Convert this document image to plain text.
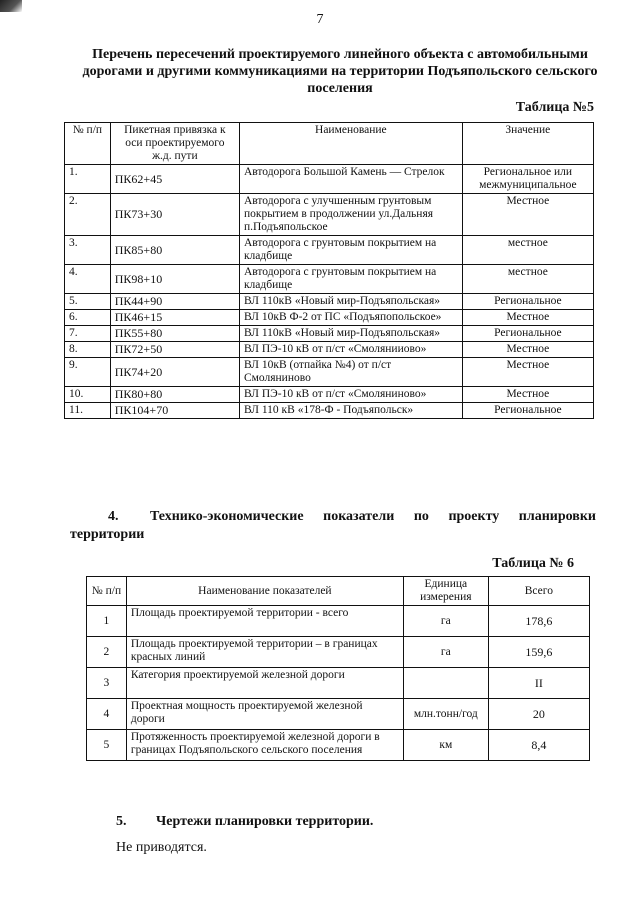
7
Перечень пересечений проектируемого линейного объекта с автомобильными дорогами и другими коммуникациями на территории Подъяпольского сельского поселения
Таблица №5
№ п/п	Пикетная привязка к оси проектируемого ж.д. пути	Наименование	Значение
1.	ПК62+45	Автодорога Большой Камень — Стрелок	Региональное или межмуниципальное
2.	ПК73+30	Автодорога с улучшенным грунтовым покрытием в продолжении ул.Дальняя п.Подъяпольское	Местное
3.	ПК85+80	Автодорога с грунтовым покрытием на кладбище	местное
4.	ПК98+10	Автодорога с грунтовым покрытием на кладбище	местное
5.	ПК44+90	ВЛ 110кВ «Новый мир-Подъяпольская»	Региональное
6.	ПК46+15	ВЛ 10кВ Ф-2 от ПС «Подъяпопольское»	Местное
7.	ПК55+80	ВЛ 110кВ «Новый мир-Подъяпольская»	Региональное
8.	ПК72+50	ВЛ ПЭ-10 кВ от п/ст «Смолянииово»	Местное
9.	ПК74+20	ВЛ 10кВ (отпайка №4) от п/ст Смоляниново	Местное
10.	ПК80+80	ВЛ ПЭ-10 кВ от п/ст «Смоляниново»	Местное
11.	ПК104+70	ВЛ 110 кВ «178-Ф - Подъяпольск»	Региональное
4. Технико-экономические показатели по проекту планировки территории
Таблица № 6
№ п/п	Наименование показателей	Единица измерения	Всего
1	Площадь проектируемой территории - всего	га	178,6
2	Площадь проектируемой территории – в границах красных линий	га	159,6
3	Категория проектируемой железной дороги		II
4	Проектная мощность проектируемой железной дороги	млн.тонн/год	20
5	Протяженность проектируемой железной дороги в границах Подъяпольского сельского поселения	км	8,4
5. Чертежи планировки территории.
Не приводятся.
